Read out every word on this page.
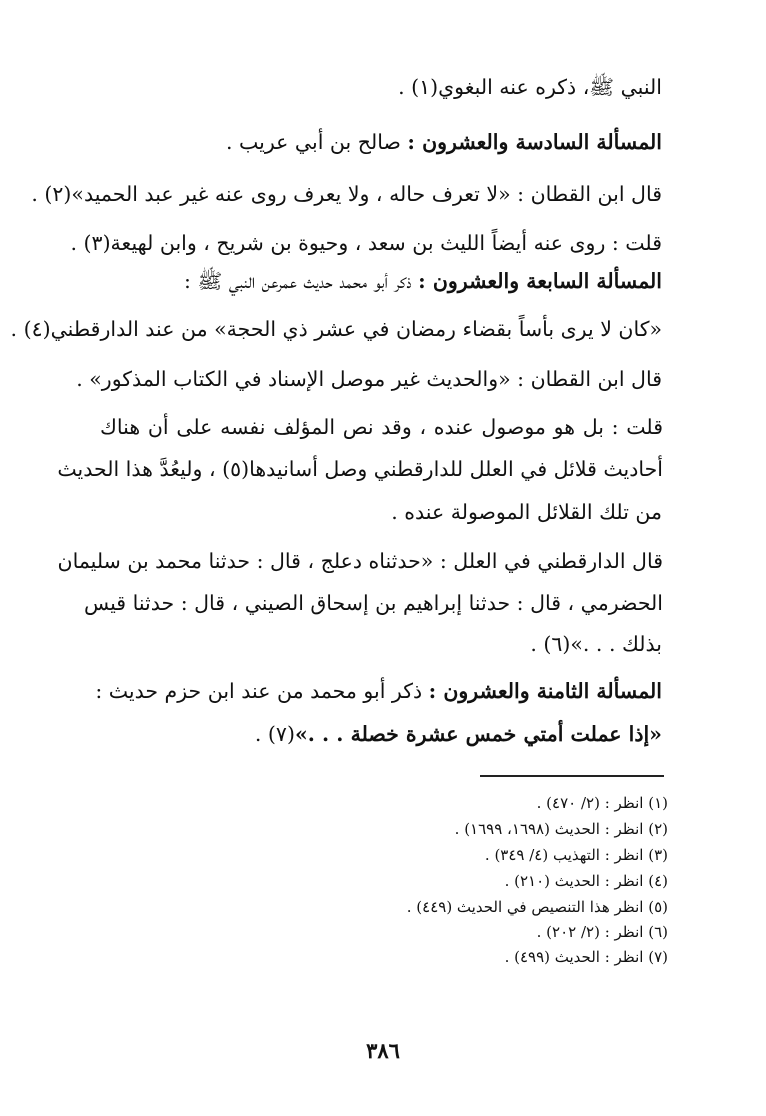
النبي ﷺ، ذكره عنه البغوي(١) .
المسألة السادسة والعشرون : صالح بن أبي عريب .
قال ابن القطان : «لا تعرف حاله ، ولا يعرف روى عنه غير عبد الحميد»(٢) .
قلت : روى عنه أيضاً الليث بن سعد ، وحيوة بن شريح ، وابن لهيعة(٣) .
المسألة السابعة والعشرون : ذكر أبو محمد حديث عمرعن النبي ﷺ :
«كان لا يرى بأساً بقضاء رمضان في عشر ذي الحجة» من عند الدارقطني(٤) .
قال ابن القطان : «والحديث غير موصل الإسناد في الكتاب المذكور» .
قلت : بل هو موصول عنده ، وقد نص المؤلف نفسه على أن هناك
أحاديث قلائل في العلل للدارقطني وصل أسانيدها(٥) ، وليعُدَّ هذا الحديث
من تلك القلائل الموصولة عنده .
قال الدارقطني في العلل : «حدثناه دعلج ، قال : حدثنا محمد بن سليمان
الحضرمي ، قال : حدثنا إبراهيم بن إسحاق الصيني ، قال : حدثنا قيس
بذلك . . .»(٦) .
المسألة الثامنة والعشرون : ذكر أبو محمد من عند ابن حزم حديث :
«إذا عملت أمتي خمس عشرة خصلة . . .»(٧) .
(١) انظر : (٢/ ٤٧٠) .
(٢) انظر : الحديث (١٦٩٨، ١٦٩٩) .
(٣) انظر : التهذيب (٤/ ٣٤٩) .
(٤) انظر : الحديث (٢١٠) .
(٥) انظر هذا التنصيص في الحديث (٤٤٩) .
(٦) انظر : (٢/ ٢٠٢) .
(٧) انظر : الحديث (٤٩٩) .
٣٨٦
